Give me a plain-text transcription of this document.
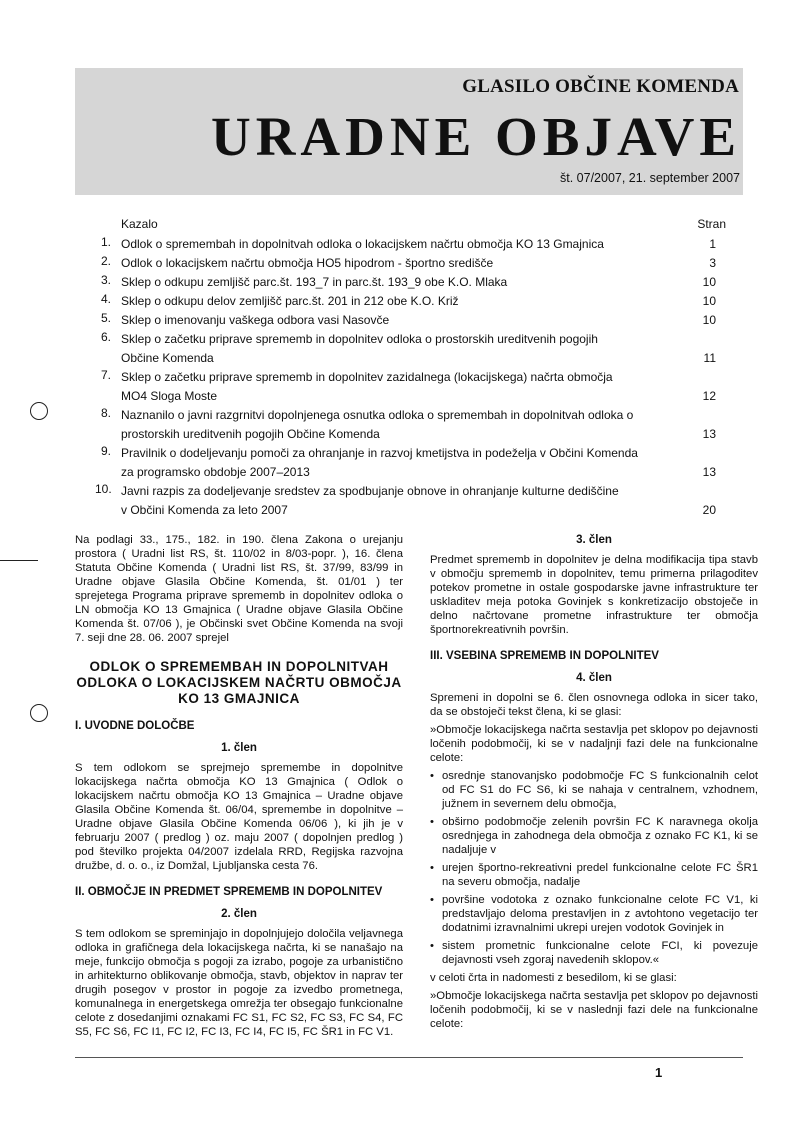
GLASILO OBČINE KOMENDA
URADNE OBJAVE
št. 07/2007, 21. september 2007
Kazalo	Stran
1. Odlok o spremembah in dopolnitvah odloka o lokacijskem načrtu območja KO 13 Gmajnica	1
2. Odlok o lokacijskem načrtu območja HO5 hipodrom - športno središče	3
3. Sklep o odkupu zemljišč parc.št. 193_7 in parc.št. 193_9 obe K.O. Mlaka	10
4. Sklep o odkupu delov zemljišč parc.št. 201 in 212 obe K.O. Križ	10
5. Sklep o imenovanju vaškega odbora vasi Nasovče	10
6. Sklep o začetku priprave sprememb in dopolnitev odloka o prostorskih ureditvenih pogojih
Občine Komenda	11
7. Sklep o začetku priprave sprememb in dopolnitev zazidalnega (lokacijskega) načrta območja
MO4 Sloga Moste	12
8. Naznanilo o javni razgrnitvi dopolnjenega osnutka odloka o spremembah in dopolnitvah odloka o
prostorskih ureditvenih pogojih Občine Komenda	13
9. Pravilnik o dodeljevanju pomoči za ohranjanje in razvoj kmetijstva in podeželja v Občini Komenda
za programsko obdobje 2007–2013	13
10. Javni razpis za dodeljevanje sredstev za spodbujanje obnove in ohranjanje kulturne dediščine
v Občini Komenda za leto 2007	20

Na podlagi 33., 175., 182. in 190. člena Zakona o urejanju prostora ( Uradni list RS, št. 110/02 in 8/03-popr. ), 16. člena Statuta Občine Komenda ( Uradni list RS, št. 37/99, 83/99 in Uradne objave Glasila Občine Komenda, št. 01/01 ) ter sprejetega Programa priprave sprememb in dopolnitev odloka o LN območja KO 13 Gmajnica ( Uradne objave Glasila Občine Komenda št. 07/06 ), je Občinski svet Občine Komenda na svoji 7. seji dne 28. 06. 2007 sprejel

ODLOK O SPREMEMBAH IN DOPOLNITVAH ODLOKA O LOKACIJSKEM NAČRTU OBMOČJA KO 13 GMAJNICA

I. UVODNE DOLOČBE

1. člen

S tem odlokom se sprejmejo spremembe in dopolnitve lokacijskega načrta območja KO 13 Gmajnica ( Odlok o lokacijskem načrtu območja KO 13 Gmajnica – Uradne objave Glasila Občine Komenda št. 06/04, spremembe in dopolnitve – Uradne objave Glasila Občine Komenda 06/06 ), ki jih je v februarju 2007 ( predlog ) oz. maju 2007 ( dopolnjen predlog ) pod številko projekta 04/2007 izdelala RRD, Regijska razvojna družbe, d. o. o., iz Domžal, Ljubljanska cesta 76.

II. OBMOČJE IN PREDMET SPREMEMB IN DOPOLNITEV

2. člen

S tem odlokom se spreminjajo in dopolnjujejo določila veljavnega odloka in grafičnega dela lokacijskega načrta, ki se nanašajo na meje, funkcijo območja s pogoji za izrabo, pogoje za urbanistično in arhitekturno oblikovanje območja, stavb, objektov in naprav ter drugih posegov v prostor in pogoje za izvedbo prometnega, komunalnega in energetskega omrežja ter obsegajo funkcionalne celote z dosedanjimi oznakami FC S1, FC S2, FC S3, FC S4, FC S5, FC S6, FC I1, FC I2, FC I3, FC I4, FC I5, FC ŠR1 in FC V1.

3. člen

Predmet sprememb in dopolnitev je delna modifikacija tipa stavb v območju sprememb in dopolnitev, temu primerna prilagoditev potekov prometne in ostale gospodarske javne infrastrukture ter uskladitev meja potoka Govinjek s konkretizacijo obstoječe in delno načrtovane prometne infrastrukture ter območja športnorekreativnih površin.

III. VSEBINA SPREMEMB IN DOPOLNITEV

4. člen

Spremeni in dopolni se 6. člen osnovnega odloka in sicer tako, da se obstoječi tekst člena, ki se glasi:

»Območje lokacijskega načrta sestavlja pet sklopov po dejavnosti ločenih podobmočij, ki se v nadaljnji fazi dele na funkcionalne celote:

• osrednje stanovanjsko podobmočje FC S funkcionalnih celot od FC S1 do FC S6, ki se nahaja v centralnem, vzhodnem, južnem in severnem delu območja,

• obširno podobmočje zelenih površin FC K naravnega okolja osrednjega in zahodnega dela območja z oznako FC K1, ki se nadaljuje v

• urejen športno-rekreativni predel funkcionalne celote FC ŠR1 na severu območja, nadalje

• površine vodotoka z oznako funkcionalne celote FC V1, ki predstavljajo deloma prestavljen in z avtohtono vegetacijo ter dodatnimi izravnalnimi ukrepi urejen vodotok Govinjek in

• sistem prometnic funkcionalne celote FCI, ki povezuje dejavnosti vseh zgoraj navedenih sklopov.«

v celoti črta in nadomesti z besedilom, ki se glasi:

»Območje lokacijskega načrta sestavlja pet sklopov po dejavnosti ločenih podobmočij, ki se v naslednji fazi dele na funkcionalne celote:

1
